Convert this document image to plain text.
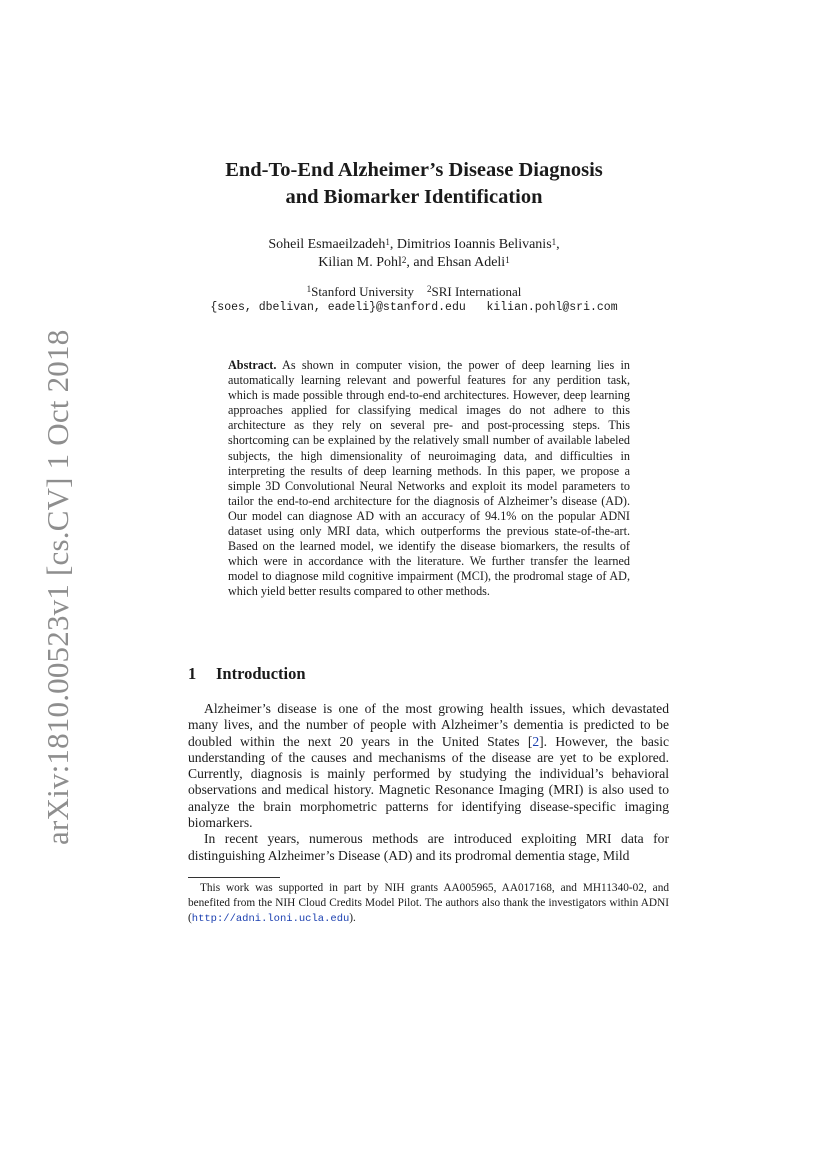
arXiv:1810.00523v1 [cs.CV] 1 Oct 2018
End-To-End Alzheimer’s Disease Diagnosis
and Biomarker Identification
Soheil Esmaeilzadeh$^1$, Dimitrios Ioannis Belivanis$^1$,
Kilian M. Pohl$^2$, and Ehsan Adeli$^1$
$^1$Stanford University $^2$SRI International
{soes, dbelivan, eadeli}@stanford.edu kilian.pohl@sri.com
Abstract. As shown in computer vision, the power of deep learning lies in automatically learning relevant and powerful features for any perdition task, which is made possible through end-to-end architectures. However, deep learning approaches applied for classifying medical images do not adhere to this architecture as they rely on several pre- and post-processing steps. This shortcoming can be explained by the relatively small number of available labeled subjects, the high dimensionality of neuroimaging data, and difficulties in interpreting the results of deep learning methods. In this paper, we propose a simple 3D Convolutional Neural Networks and exploit its model parameters to tailor the end-to-end architecture for the diagnosis of Alzheimer’s disease (AD). Our model can diagnose AD with an accuracy of 94.1% on the popular ADNI dataset using only MRI data, which outperforms the previous state-of-the-art. Based on the learned model, we identify the disease biomarkers, the results of which were in accordance with the literature. We further transfer the learned model to diagnose mild cognitive impairment (MCI), the prodromal stage of AD, which yield better results compared to other methods.
1 Introduction

Alzheimer’s disease is one of the most growing health issues, which devastated many lives, and the number of people with Alzheimer’s dementia is predicted to be doubled within the next 20 years in the United States [2]. However, the basic understanding of the causes and mechanisms of the disease are yet to be explored. Currently, diagnosis is mainly performed by studying the individual’s behavioral observations and medical history. Magnetic Resonance Imaging (MRI) is also used to analyze the brain morphometric patterns for identifying disease-specific imaging biomarkers.

In recent years, numerous methods are introduced exploiting MRI data for distinguishing Alzheimer’s Disease (AD) and its prodromal dementia stage, Mild

This work was supported in part by NIH grants AA005965, AA017168, and MH11340-02, and benefited from the NIH Cloud Credits Model Pilot. The authors also thank the investigators within ADNI (http://adni.loni.ucla.edu).
